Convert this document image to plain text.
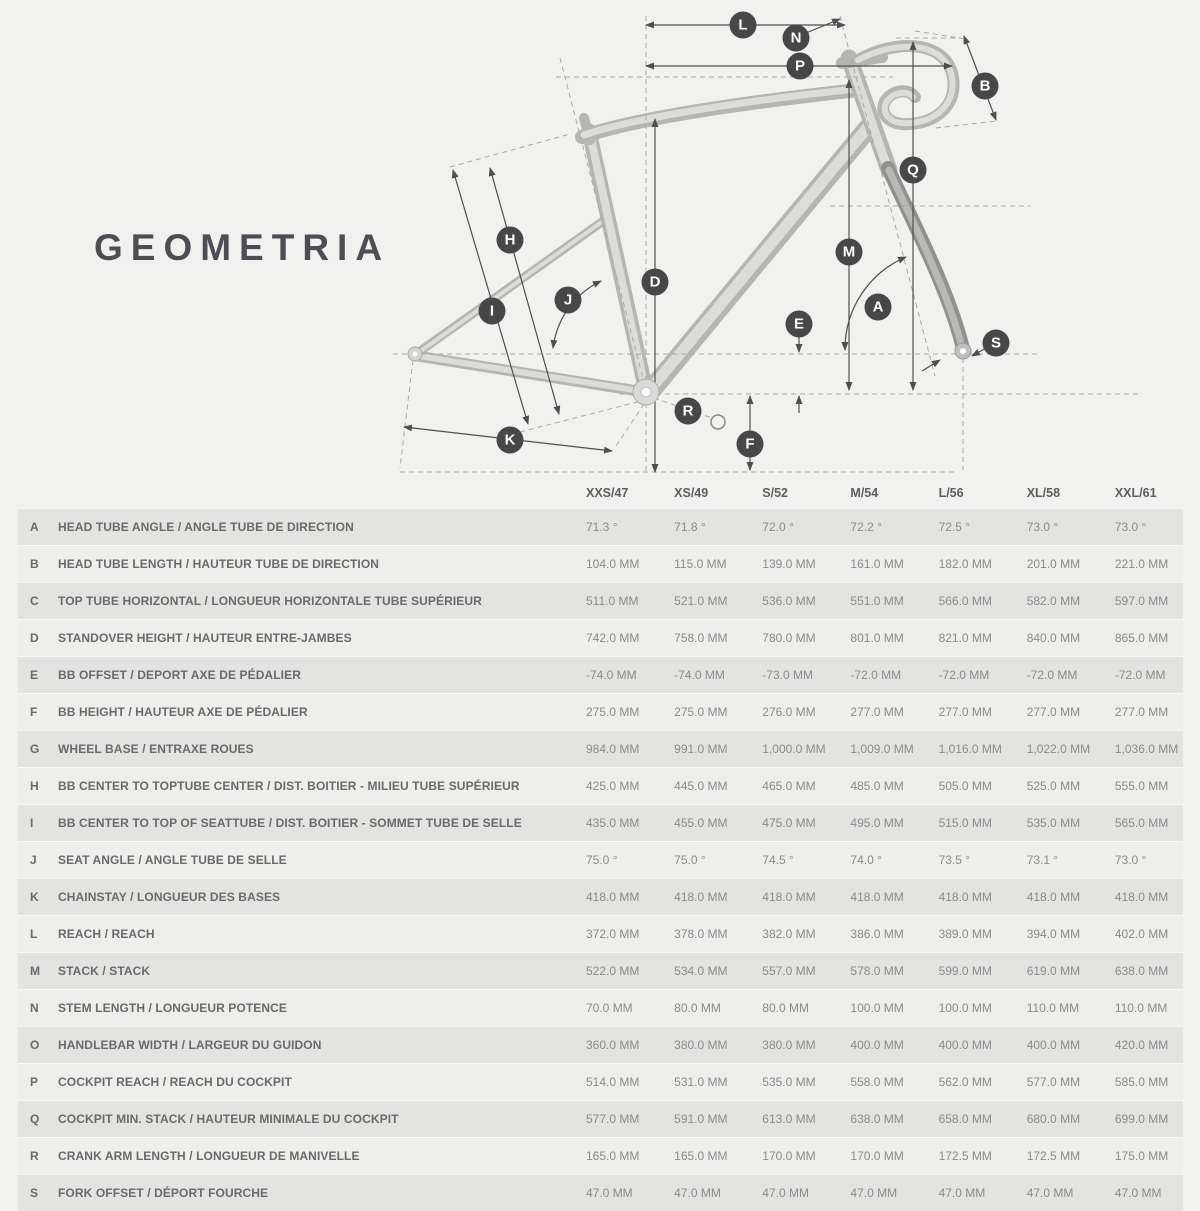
GEOMETRIA
L
N
P
B
Q
H
M
D
J	A
I
E
S
R
K	F
XXS/47	XS/49	S/52	M/54	L/56	XL/58	XXL/61
A	HEAD TUBE ANGLE / ANGLE TUBE DE DIRECTION	71.3 °	71.8 °	72.0 °	72.2 °	72.5 °	73.0 °	73.0 °
B	HEAD TUBE LENGTH / HAUTEUR TUBE DE DIRECTION	104.0 MM	115.0 MM	139.0 MM	161.0 MM	182.0 MM	201.0 MM	221.0 MM
C	TOP TUBE HORIZONTAL / LONGUEUR HORIZONTALE TUBE SUPÉRIEUR	511.0 MM	521.0 MM	536.0 MM	551.0 MM	566.0 MM	582.0 MM	597.0 MM
D	STANDOVER HEIGHT / HAUTEUR ENTRE-JAMBES	742.0 MM	758.0 MM	780.0 MM	801.0 MM	821.0 MM	840.0 MM	865.0 MM
E	BB OFFSET / DEPORT AXE DE PÉDALIER	-74.0 MM	-74.0 MM	-73.0 MM	-72.0 MM	-72.0 MM	-72.0 MM	-72.0 MM
F	BB HEIGHT / HAUTEUR AXE DE PÉDALIER	275.0 MM	275.0 MM	276.0 MM	277.0 MM	277.0 MM	277.0 MM	277.0 MM
G	WHEEL BASE / ENTRAXE ROUES	984.0 MM	991.0 MM	1,000.0 MM	1,009.0 MM	1,016.0 MM	1,022.0 MM	1,036.0 MM
H	BB CENTER TO TOPTUBE CENTER / DIST. BOITIER - MILIEU TUBE SUPÉRIEUR	425.0 MM	445.0 MM	465.0 MM	485.0 MM	505.0 MM	525.0 MM	555.0 MM
I	BB CENTER TO TOP OF SEATTUBE / DIST. BOITIER - SOMMET TUBE DE SELLE	435.0 MM	455.0 MM	475.0 MM	495.0 MM	515.0 MM	535.0 MM	565.0 MM
J	SEAT ANGLE / ANGLE TUBE DE SELLE	75.0 °	75.0 °	74.5 °	74.0 °	73.5 °	73.1 °	73.0 °
K	CHAINSTAY / LONGUEUR DES BASES	418.0 MM	418.0 MM	418.0 MM	418.0 MM	418.0 MM	418.0 MM	418.0 MM
L	REACH / REACH	372.0 MM	378.0 MM	382.0 MM	386.0 MM	389.0 MM	394.0 MM	402.0 MM
M	STACK / STACK	522.0 MM	534.0 MM	557.0 MM	578.0 MM	599.0 MM	619.0 MM	638.0 MM
N	STEM LENGTH / LONGUEUR POTENCE	70.0 MM	80.0 MM	80.0 MM	100.0 MM	100.0 MM	110.0 MM	110.0 MM
O	HANDLEBAR WIDTH / LARGEUR DU GUIDON	360.0 MM	380.0 MM	380.0 MM	400.0 MM	400.0 MM	400.0 MM	420.0 MM
P	COCKPIT REACH / REACH DU COCKPIT	514.0 MM	531.0 MM	535.0 MM	558.0 MM	562.0 MM	577.0 MM	585.0 MM
Q	COCKPIT MIN. STACK / HAUTEUR MINIMALE DU COCKPIT	577.0 MM	591.0 MM	613.0 MM	638.0 MM	658.0 MM	680.0 MM	699.0 MM
R	CRANK ARM LENGTH / LONGUEUR DE MANIVELLE	165.0 MM	165.0 MM	170.0 MM	170.0 MM	172.5 MM	172.5 MM	175.0 MM
S	FORK OFFSET / DÉPORT FOURCHE	47.0 MM	47.0 MM	47.0 MM	47.0 MM	47.0 MM	47.0 MM	47.0 MM
